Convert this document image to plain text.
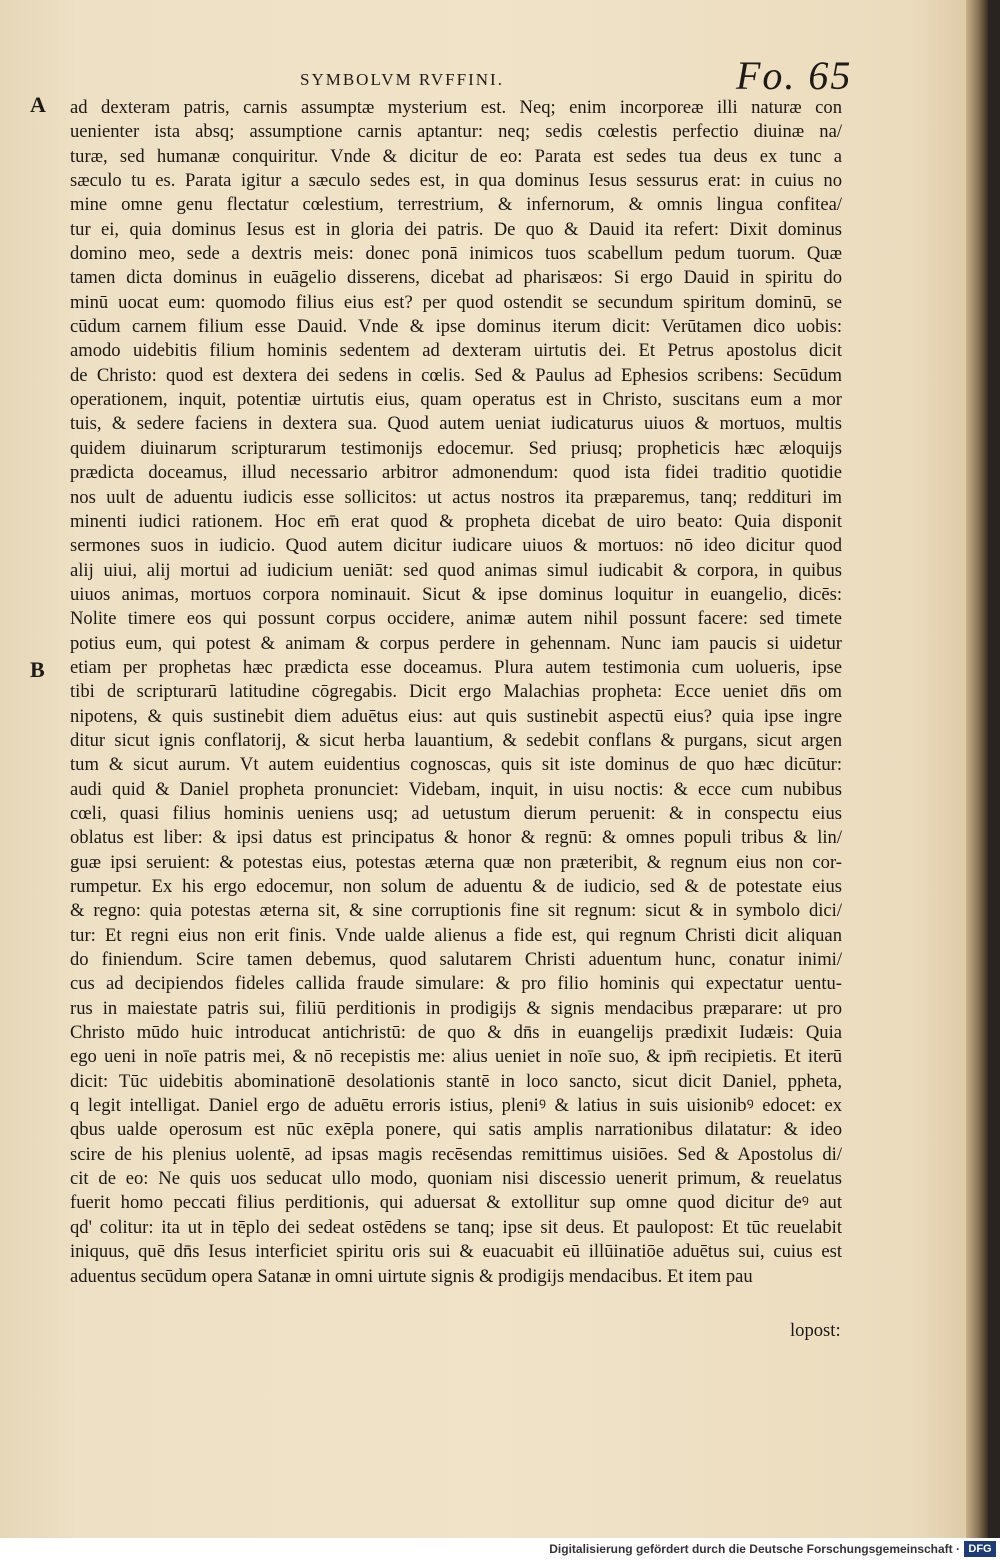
SYMBOLVM RVFFINI.	Fo. 65
A
B
ad dexteram patris, carnis assumptæ mysterium est. Neq; enim incorporeæ illi naturæ con
uenienter ista absq; assumptione carnis aptantur: neq; sedis cœlestis perfectio diuinæ na/
turæ, sed humanæ conquiritur. Vnde & dicitur de eo: Parata est sedes tua deus ex tunc a
sæculo tu es. Parata igitur a sæculo sedes est, in qua dominus Iesus sessurus erat: in cuius no
mine omne genu flectatur cœlestium, terrestrium, & infernorum, & omnis lingua confitea/
tur ei, quia dominus Iesus est in gloria dei patris. De quo & Dauid ita refert: Dixit dominus
domino meo, sede a dextris meis: donec ponā inimicos tuos scabellum pedum tuorum. Quæ
tamen dicta dominus in euāgelio disserens, dicebat ad pharisæos: Si ergo Dauid in spiritu do
minū uocat eum: quomodo filius eius est? per quod ostendit se secundum spiritum dominū, se
cūdum carnem filium esse Dauid. Vnde & ipse dominus iterum dicit: Verūtamen dico uobis:
amodo uidebitis filium hominis sedentem ad dexteram uirtutis dei. Et Petrus apostolus dicit
de Christo: quod est dextera dei sedens in cœlis. Sed & Paulus ad Ephesios scribens: Secūdum
operationem, inquit, potentiæ uirtutis eius, quam operatus est in Christo, suscitans eum a mor
tuis, & sedere faciens in dextera sua. Quod autem ueniat iudicaturus uiuos & mortuos, multis
quidem diuinarum scripturarum testimonijs edocemur. Sed priusq; propheticis hæc æloquijs
prædicta doceamus, illud necessario arbitror admonendum: quod ista fidei traditio quotidie
nos uult de aduentu iudicis esse sollicitos: ut actus nostros ita præparemus, tanq; reddituri im
minenti iudici rationem. Hoc em̄ erat quod & propheta dicebat de uiro beato: Quia disponit
sermones suos in iudicio. Quod autem dicitur iudicare uiuos & mortuos: nō ideo dicitur quod
alij uiui, alij mortui ad iudicium ueniāt: sed quod animas simul iudicabit & corpora, in quibus
uiuos animas, mortuos corpora nominauit. Sicut & ipse dominus loquitur in euangelio, dicēs:
Nolite timere eos qui possunt corpus occidere, animæ autem nihil possunt facere: sed timete
potius eum, qui potest & animam & corpus perdere in gehennam. Nunc iam paucis si uidetur
etiam per prophetas hæc prædicta esse doceamus. Plura autem testimonia cum uolueris, ipse
tibi de scripturarū latitudine cōgregabis. Dicit ergo Malachias propheta: Ecce ueniet dn̄s om
nipotens, & quis sustinebit diem aduētus eius: aut quis sustinebit aspectū eius? quia ipse ingre
ditur sicut ignis conflatorij, & sicut herba lauantium, & sedebit conflans & purgans, sicut argen
tum & sicut aurum. Vt autem euidentius cognoscas, quis sit iste dominus de quo hæc dicūtur:
audi quid & Daniel propheta pronunciet: Videbam, inquit, in uisu noctis: & ecce cum nubibus
cœli, quasi filius hominis ueniens usq; ad uetustum dierum peruenit: & in conspectu eius
oblatus est liber: & ipsi datus est principatus & honor & regnū: & omnes populi tribus & lin/
guæ ipsi seruient: & potestas eius, potestas æterna quæ non præteribit, & regnum eius non cor-
rumpetur. Ex his ergo edocemur, non solum de aduentu & de iudicio, sed & de potestate eius
& regno: quia potestas æterna sit, & sine corruptionis fine sit regnum: sicut & in symbolo dici/
tur: Et regni eius non erit finis. Vnde ualde alienus a fide est, qui regnum Christi dicit aliquan
do finiendum. Scire tamen debemus, quod salutarem Christi aduentum hunc, conatur inimi/
cus ad decipiendos fideles callida fraude simulare: & pro filio hominis qui expectatur uentu-
rus in maiestate patris sui, filiū perditionis in prodigijs & signis mendacibus præparare: ut pro
Christo mūdo huic introducat antichristū: de quo & dn̄s in euangelijs prædixit Iudæis: Quia
ego ueni in noīe patris mei, & nō recepistis me: alius ueniet in noīe suo, & ipm̄ recipietis. Et iterū
dicit: Tūc uidebitis abominationē desolationis stantē in loco sancto, sicut dicit Daniel, ppheta,
q legit intelligat. Daniel ergo de aduētu erroris istius, pleniꝰ & latius in suis uisionibꝰ edocet: ex
qbus ualde operosum est nūc exēpla ponere, qui satis amplis narrationibus dilatatur: & ideo
scire de his plenius uolentē, ad ipsas magis recēsendas remittimus uisiōes. Sed & Apostolus di/
cit de eo: Ne quis uos seducat ullo modo, quoniam nisi discessio uenerit primum, & reuelatus
fuerit homo peccati filius perditionis, qui aduersat & extollitur sup omne quod dicitur deꝰ aut
qd' colitur: ita ut in tēplo dei sedeat ostēdens se tanq; ipse sit deus. Et paulopost: Et tūc reuelabit
iniquus, quē dn̄s Iesus interficiet spiritu oris sui & euacuabit eū illūinatiōe aduētus sui, cuius est
aduentus secūdum opera Satanæ in omni uirtute signis & prodigijs mendacibus. Et item pau
lopost:
Digitalisierung gefördert durch die Deutsche Forschungsgemeinschaft · DFG
